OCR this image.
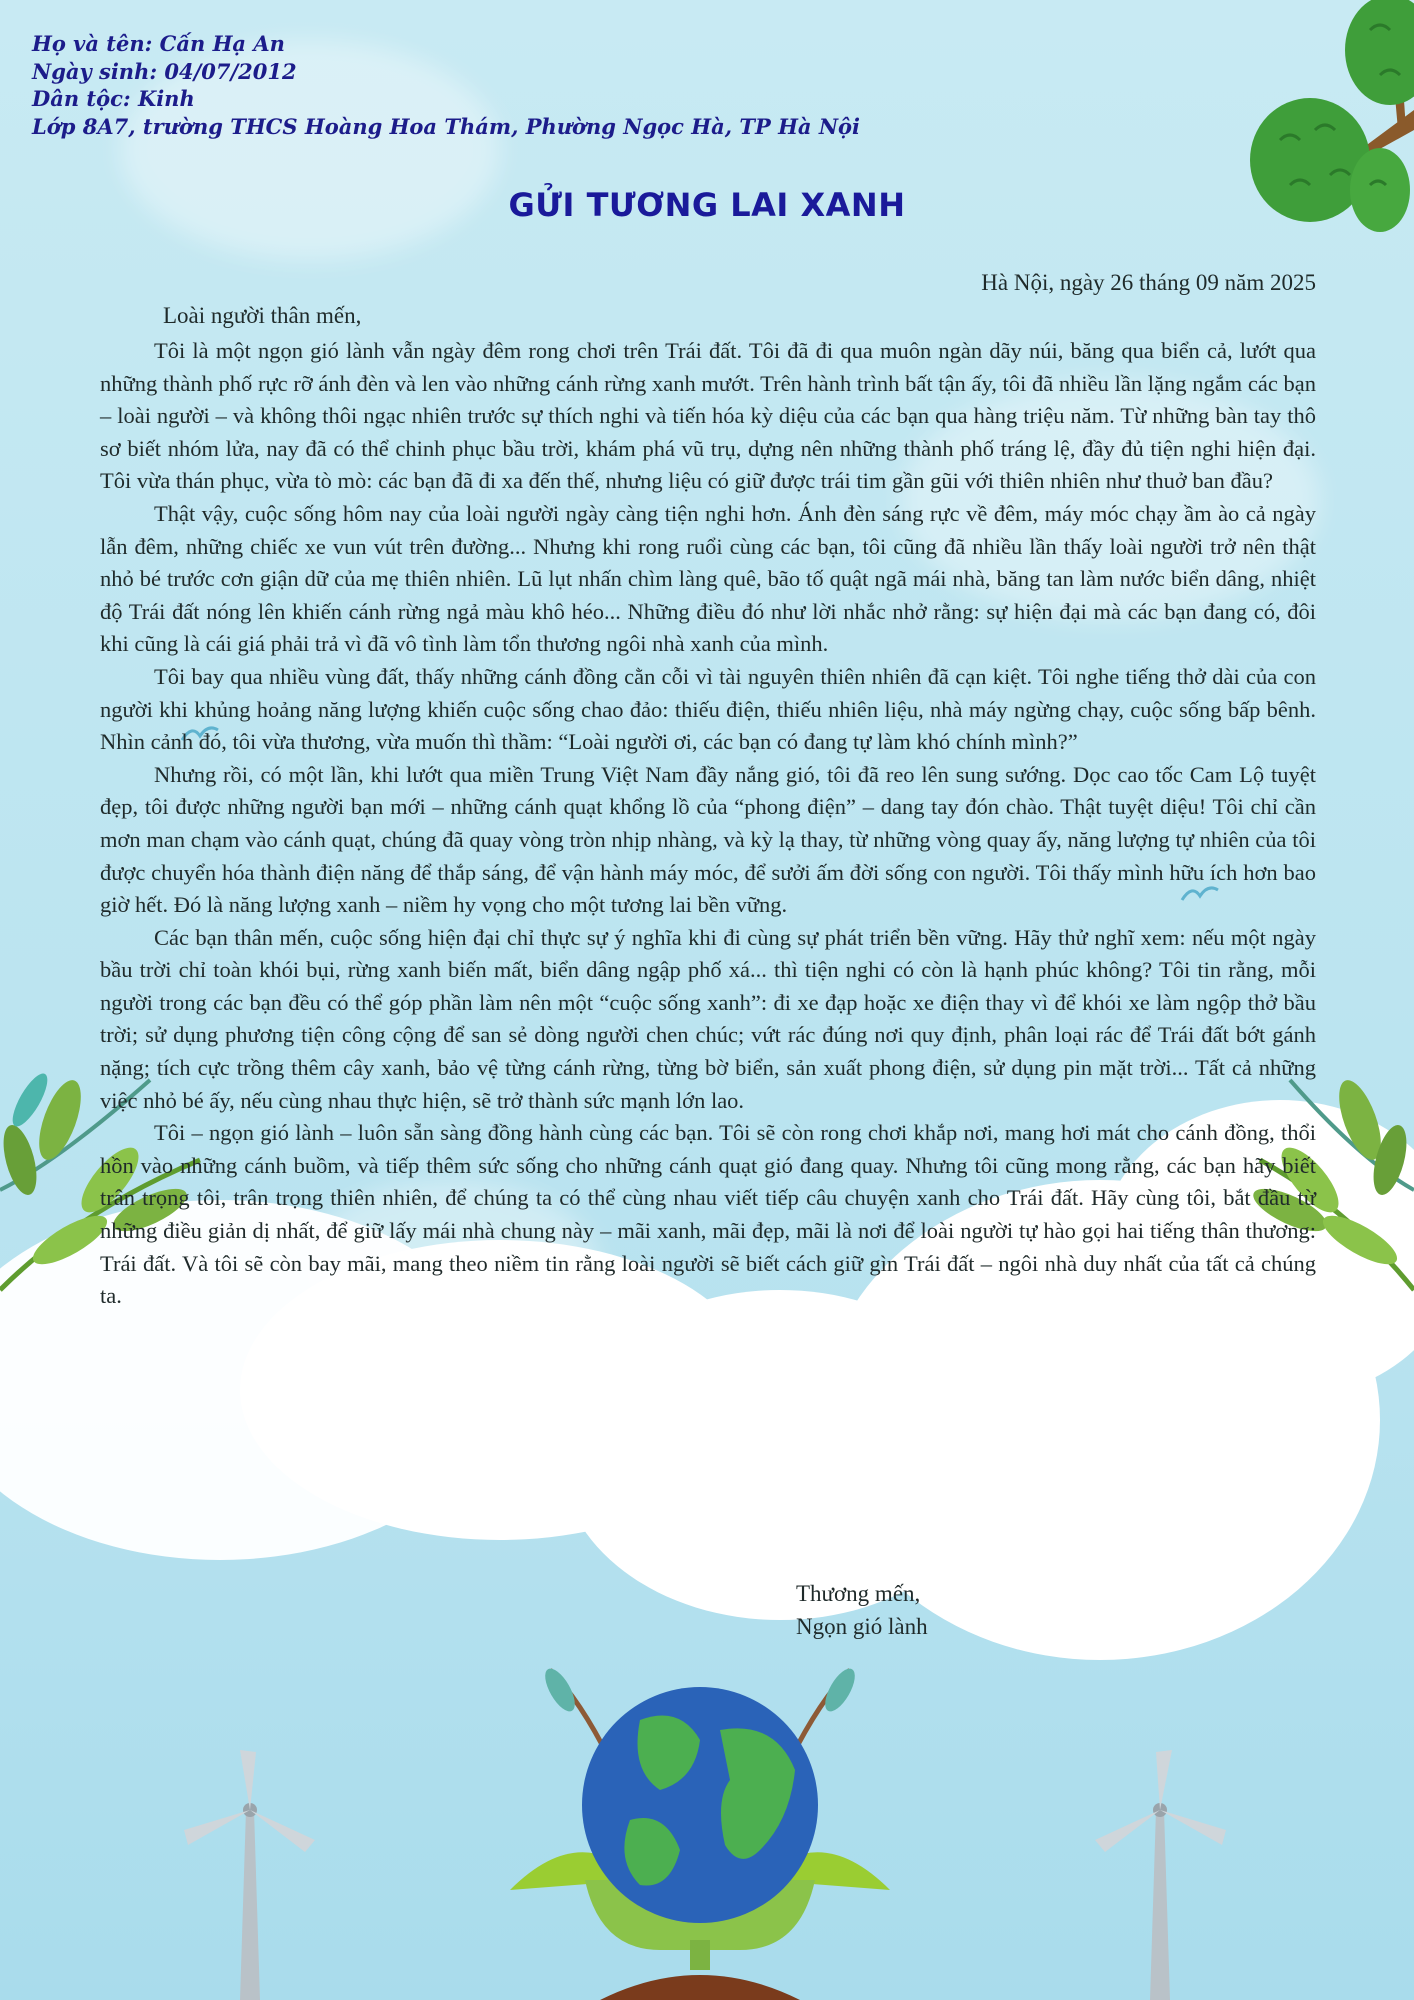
Họ và tên: Cấn Hạ An
Ngày sinh: 04/07/2012
Dân tộc: Kinh
Lớp 8A7, trường THCS Hoàng Hoa Thám, Phường Ngọc Hà, TP Hà Nội
GỬI TƯƠNG LAI XANH
Hà Nội, ngày 26 tháng 09 năm 2025
Loài người thân mến,

Tôi là một ngọn gió lành vẫn ngày đêm rong chơi trên Trái đất. Tôi đã đi qua muôn ngàn dãy núi, băng qua biển cả, lướt qua những thành phố rực rỡ ánh đèn và len vào những cánh rừng xanh mướt. Trên hành trình bất tận ấy, tôi đã nhiều lần lặng ngắm các bạn – loài người – và không thôi ngạc nhiên trước sự thích nghi và tiến hóa kỳ diệu của các bạn qua hàng triệu năm. Từ những bàn tay thô sơ biết nhóm lửa, nay đã có thể chinh phục bầu trời, khám phá vũ trụ, dựng nên những thành phố tráng lệ, đầy đủ tiện nghi hiện đại. Tôi vừa thán phục, vừa tò mò: các bạn đã đi xa đến thế, nhưng liệu có giữ được trái tim gần gũi với thiên nhiên như thuở ban đầu?

Thật vậy, cuộc sống hôm nay của loài người ngày càng tiện nghi hơn. Ánh đèn sáng rực về đêm, máy móc chạy ầm ào cả ngày lẫn đêm, những chiếc xe vun vút trên đường... Nhưng khi rong ruổi cùng các bạn, tôi cũng đã nhiều lần thấy loài người trở nên thật nhỏ bé trước cơn giận dữ của mẹ thiên nhiên. Lũ lụt nhấn chìm làng quê, bão tố quật ngã mái nhà, băng tan làm nước biển dâng, nhiệt độ Trái đất nóng lên khiến cánh rừng ngả màu khô héo... Những điều đó như lời nhắc nhở rằng: sự hiện đại mà các bạn đang có, đôi khi cũng là cái giá phải trả vì đã vô tình làm tổn thương ngôi nhà xanh của mình.

Tôi bay qua nhiều vùng đất, thấy những cánh đồng cằn cỗi vì tài nguyên thiên nhiên đã cạn kiệt. Tôi nghe tiếng thở dài của con người khi khủng hoảng năng lượng khiến cuộc sống chao đảo: thiếu điện, thiếu nhiên liệu, nhà máy ngừng chạy, cuộc sống bấp bênh. Nhìn cảnh đó, tôi vừa thương, vừa muốn thì thầm: “Loài người ơi, các bạn có đang tự làm khó chính mình?”

Nhưng rồi, có một lần, khi lướt qua miền Trung Việt Nam đầy nắng gió, tôi đã reo lên sung sướng. Dọc cao tốc Cam Lộ tuyệt đẹp, tôi được những người bạn mới – những cánh quạt khổng lồ của “phong điện” – dang tay đón chào. Thật tuyệt diệu! Tôi chỉ cần mơn man chạm vào cánh quạt, chúng đã quay vòng tròn nhịp nhàng, và kỳ lạ thay, từ những vòng quay ấy, năng lượng tự nhiên của tôi được chuyển hóa thành điện năng để thắp sáng, để vận hành máy móc, để sưởi ấm đời sống con người. Tôi thấy mình hữu ích hơn bao giờ hết. Đó là năng lượng xanh – niềm hy vọng cho một tương lai bền vững.

Các bạn thân mến, cuộc sống hiện đại chỉ thực sự ý nghĩa khi đi cùng sự phát triển bền vững. Hãy thử nghĩ xem: nếu một ngày bầu trời chỉ toàn khói bụi, rừng xanh biến mất, biển dâng ngập phố xá... thì tiện nghi có còn là hạnh phúc không? Tôi tin rằng, mỗi người trong các bạn đều có thể góp phần làm nên một “cuộc sống xanh”: đi xe đạp hoặc xe điện thay vì để khói xe làm ngộp thở bầu trời; sử dụng phương tiện công cộng để san sẻ dòng người chen chúc; vứt rác đúng nơi quy định, phân loại rác để Trái đất bớt gánh nặng; tích cực trồng thêm cây xanh, bảo vệ từng cánh rừng, từng bờ biển, sản xuất phong điện, sử dụng pin mặt trời... Tất cả những việc nhỏ bé ấy, nếu cùng nhau thực hiện, sẽ trở thành sức mạnh lớn lao.

Tôi – ngọn gió lành – luôn sẵn sàng đồng hành cùng các bạn. Tôi sẽ còn rong chơi khắp nơi, mang hơi mát cho cánh đồng, thổi hồn vào những cánh buồm, và tiếp thêm sức sống cho những cánh quạt gió đang quay. Nhưng tôi cũng mong rằng, các bạn hãy biết trân trọng tôi, trân trọng thiên nhiên, để chúng ta có thể cùng nhau viết tiếp câu chuyện xanh cho Trái đất. Hãy cùng tôi, bắt đầu từ những điều giản dị nhất, để giữ lấy mái nhà chung này – mãi xanh, mãi đẹp, mãi là nơi để loài người tự hào gọi hai tiếng thân thương: Trái đất. Và tôi sẽ còn bay mãi, mang theo niềm tin rằng loài người sẽ biết cách giữ gìn Trái đất – ngôi nhà duy nhất của tất cả chúng ta.

Thương mến,
Ngọn gió lành
